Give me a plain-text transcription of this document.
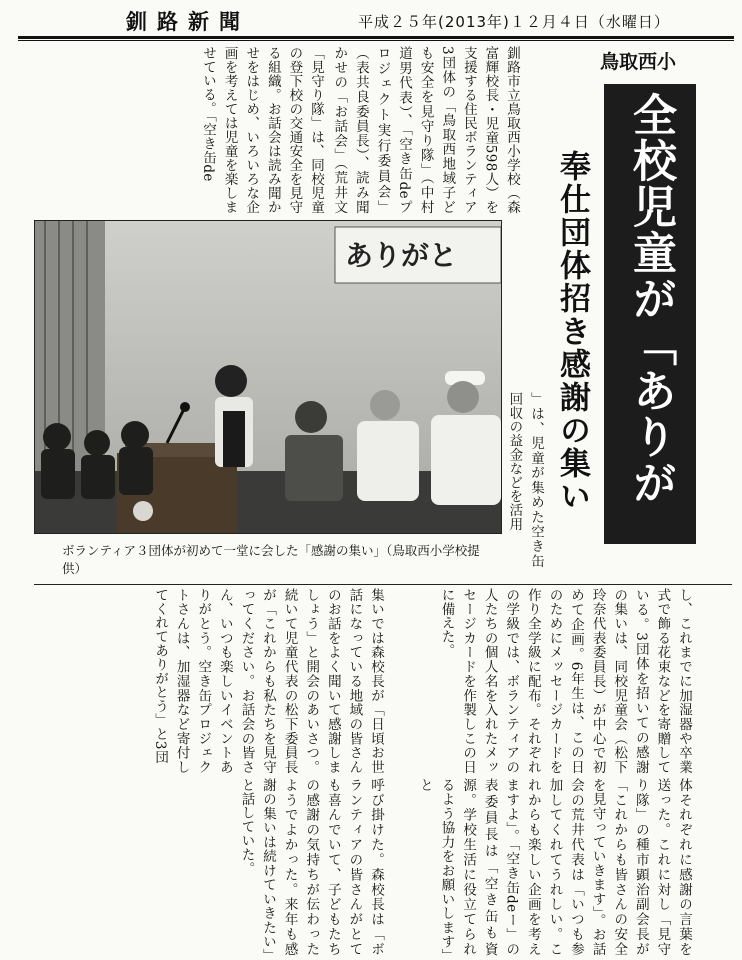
釧路新聞	平成２５年(2013年)１２月４日（水曜日）
鳥取西小
全校児童が「ありが
奉仕団体招き感謝の集い
釧路市立鳥取西小学校（森富輝校長・児童598人）を支援する住民ボランティア3団体の「鳥取西地域子ども安全を見守り隊」（中村道男代表）、「空き缶deプロジェクト実行委員会」（表共良委員長）、読み聞かせの「お話会」（荒井文
「見守り隊」は、同校児童の登下校の交通安全を見守る組織。お話会は読み聞かせをはじめ、いろいろな企画を考えては児童を楽しませている。「空き缶de
ありがと
ボランティア３団体が初めて一堂に会した「感謝の集い」（鳥取西小学校提供）
」は、児童が集めた空き缶回収の益金などを活用
し、これまでに加湿器や卒業式で飾る花束などを寄贈している。3団体を招いての感謝の集いは、同校児童会（松下玲奈代表委員長）が中心で初めて企画。6年生は、この日のためにメッセージカードを作り全学級に配布。それぞれの学級では、ボランティアの人たちの個人名を入れたメッセージカードを作製しこの日に備えた。
集いでは森校長が「日頃お世話になっている地域の皆さんのお話をよく聞いて感謝しましょう」と開会のあいさつ。続いて児童代表の松下委員長が「これからも私たちを見守ってください。お話会の皆さん、いつも楽しいイベントありがとう。空き缶プロジェクトさんは、加湿器など寄付してくれてありがとう」と3団
体それぞれに感謝の言葉を送った。これに対し「見守り隊」の種市顕治副会長が「これからも皆さんの安全を見守っていきます」。お話会の荒井代表は「いつも参加してくれてうれしい。これからも楽しい企画を考えますよ」。「空き缶deー」の表委員長は「空き缶も資源。学校生活に役立てられるよう協力をお願いします」と
呼び掛けた。森校長は「ボランティアの皆さんがとても喜んでいて、子どもたちの感謝の気持ちが伝わったようでよかった。来年も感謝の集いは続けていきたい」と話していた。
